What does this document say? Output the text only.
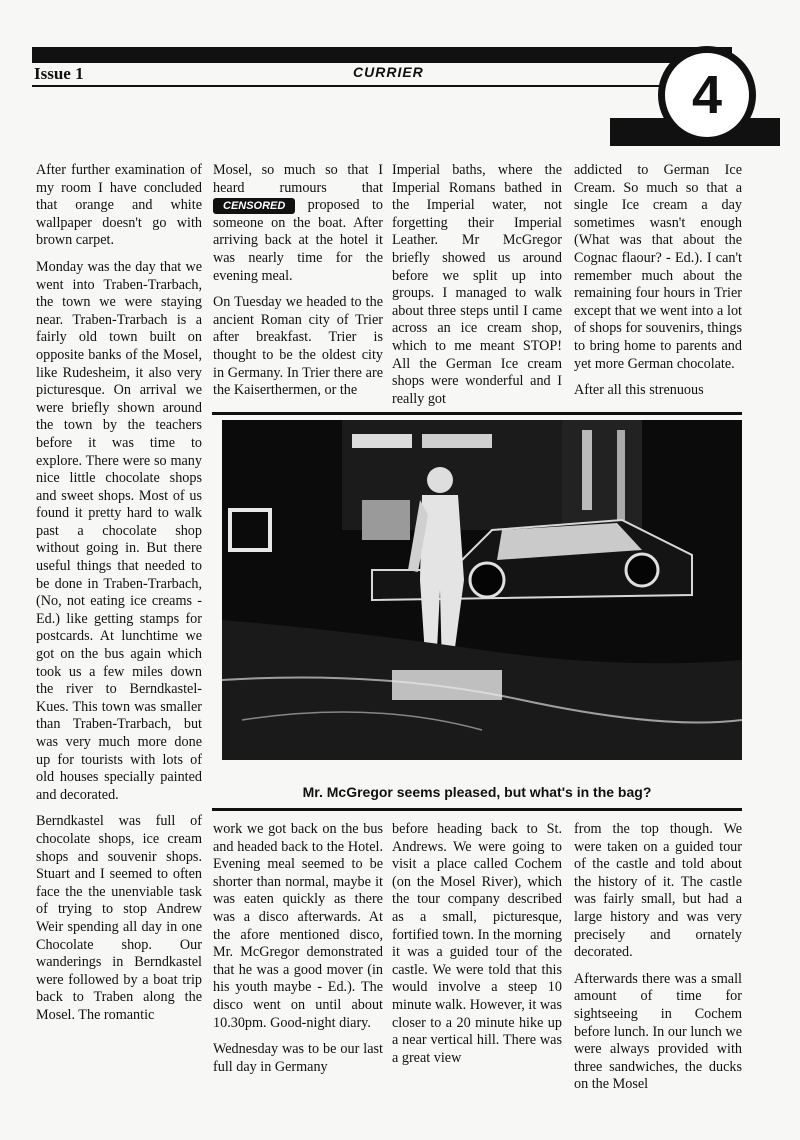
Issue 1	CURRIER	4

After further examination of my room I have concluded that orange and white wallpaper doesn't go with brown carpet.

Monday was the day that we went into Traben-Trarbach, the town we were staying near. Traben-Trarbach is a fairly old town built on opposite banks of the Mosel, like Rudesheim, it also very picturesque. On arrival we were briefly shown around the town by the teachers before it was time to explore. There were so many nice little chocolate shops and sweet shops. Most of us found it pretty hard to walk past a chocolate shop without going in. But there useful things that needed to be done in Traben-Trarbach, (No, not eating ice creams -Ed.) like getting stamps for postcards. At lunchtime we got on the bus again which took us a few miles down the river to Berndkastel-Kues. This town was smaller than Traben-Trarbach, but was very much more done up for tourists with lots of old houses specially painted and decorated.

Berndkastel was full of chocolate shops, ice cream shops and souvenir shops. Stuart and I seemed to often face the the unenviable task of trying to stop Andrew Weir spending all day in one Chocolate shop. Our wanderings in Berndkastel were followed by a boat trip back to Traben along the Mosel. The romantic

Mosel, so much so that I heard rumours that CENSORED proposed to someone on the boat. After arriving back at the hotel it was nearly time for the evening meal.

On Tuesday we headed to the ancient Roman city of Trier after breakfast. Trier is thought to be the oldest city in Germany. In Trier there are the Kaiserthermen, or the

Imperial baths, where the Imperial Romans bathed in the Imperial water, not forgetting their Imperial Leather. Mr McGregor briefly showed us around before we split up into groups. I managed to walk about three steps until I came across an ice cream shop, which to me meant STOP! All the German Ice cream shops were wonderful and I really got

addicted to German Ice Cream. So much so that a single Ice cream a day sometimes wasn't enough (What was that about the Cognac flaour? - Ed.). I can't remember much about the remaining four hours in Trier except that we went into a lot of shops for souvenirs, things to bring home to parents and yet more German chocolate.

After all this strenuous

Mr. McGregor seems pleased, but what's in the bag?

work we got back on the bus and headed back to the Hotel. Evening meal seemed to be shorter than normal, maybe it was eaten quickly as there was a disco afterwards. At the afore mentioned disco, Mr. McGregor demonstrated that he was a good mover (in his youth maybe - Ed.). The disco went on until about 10.30pm. Good-night diary.

Wednesday was to be our last full day in Germany

before heading back to St. Andrews. We were going to visit a place called Cochem (on the Mosel River), which the tour company described as a small, picturesque, fortified town. In the morning it was a guided tour of the castle. We were told that this would involve a steep 10 minute walk. However, it was closer to a 20 minute hike up a near vertical hill. There was a great view

from the top though. We were taken on a guided tour of the castle and told about the history of it. The castle was fairly small, but had a large history and was very precisely and ornately decorated.

Afterwards there was a small amount of time for sightseeing in Cochem before lunch. In our lunch we were always provided with three sandwiches, the ducks on the Mosel
